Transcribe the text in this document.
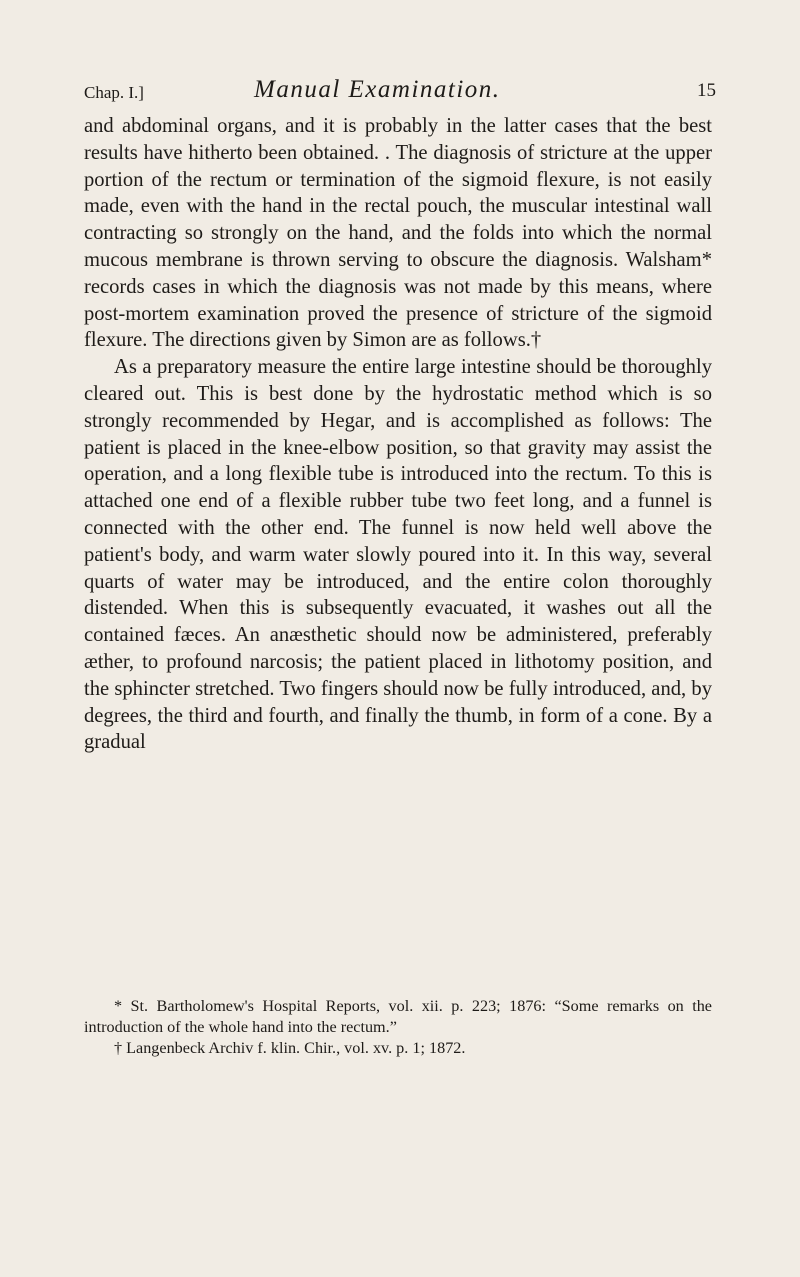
Chap. I.]	Manual Examination.	15

and abdominal organs, and it is probably in the latter cases that the best results have hitherto been obtained. . The diagnosis of stricture at the upper portion of the rectum or termination of the sigmoid flexure, is not easily made, even with the hand in the rectal pouch, the muscular intestinal wall contracting so strongly on the hand, and the folds into which the normal mucous membrane is thrown serving to obscure the diagnosis. Walsham* records cases in which the diagnosis was not made by this means, where post-mortem examination proved the presence of stricture of the sigmoid flexure. The directions given by Simon are as follows.†

As a preparatory measure the entire large intestine should be thoroughly cleared out. This is best done by the hydrostatic method which is so strongly recommended by Hegar, and is accomplished as follows: The patient is placed in the knee-elbow position, so that gravity may assist the operation, and a long flexible tube is introduced into the rectum. To this is attached one end of a flexible rubber tube two feet long, and a funnel is connected with the other end. The funnel is now held well above the patient's body, and warm water slowly poured into it. In this way, several quarts of water may be introduced, and the entire colon thoroughly distended. When this is subsequently evacuated, it washes out all the contained fæces. An anæsthetic should now be administered, preferably æther, to profound narcosis; the patient placed in lithotomy position, and the sphincter stretched. Two fingers should now be fully introduced, and, by degrees, the third and fourth, and finally the thumb, in form of a cone. By a gradual

* St. Bartholomew's Hospital Reports, vol. xii. p. 223; 1876: “Some remarks on the introduction of the whole hand into the rectum.”

† Langenbeck Archiv f. klin. Chir., vol. xv. p. 1; 1872.
